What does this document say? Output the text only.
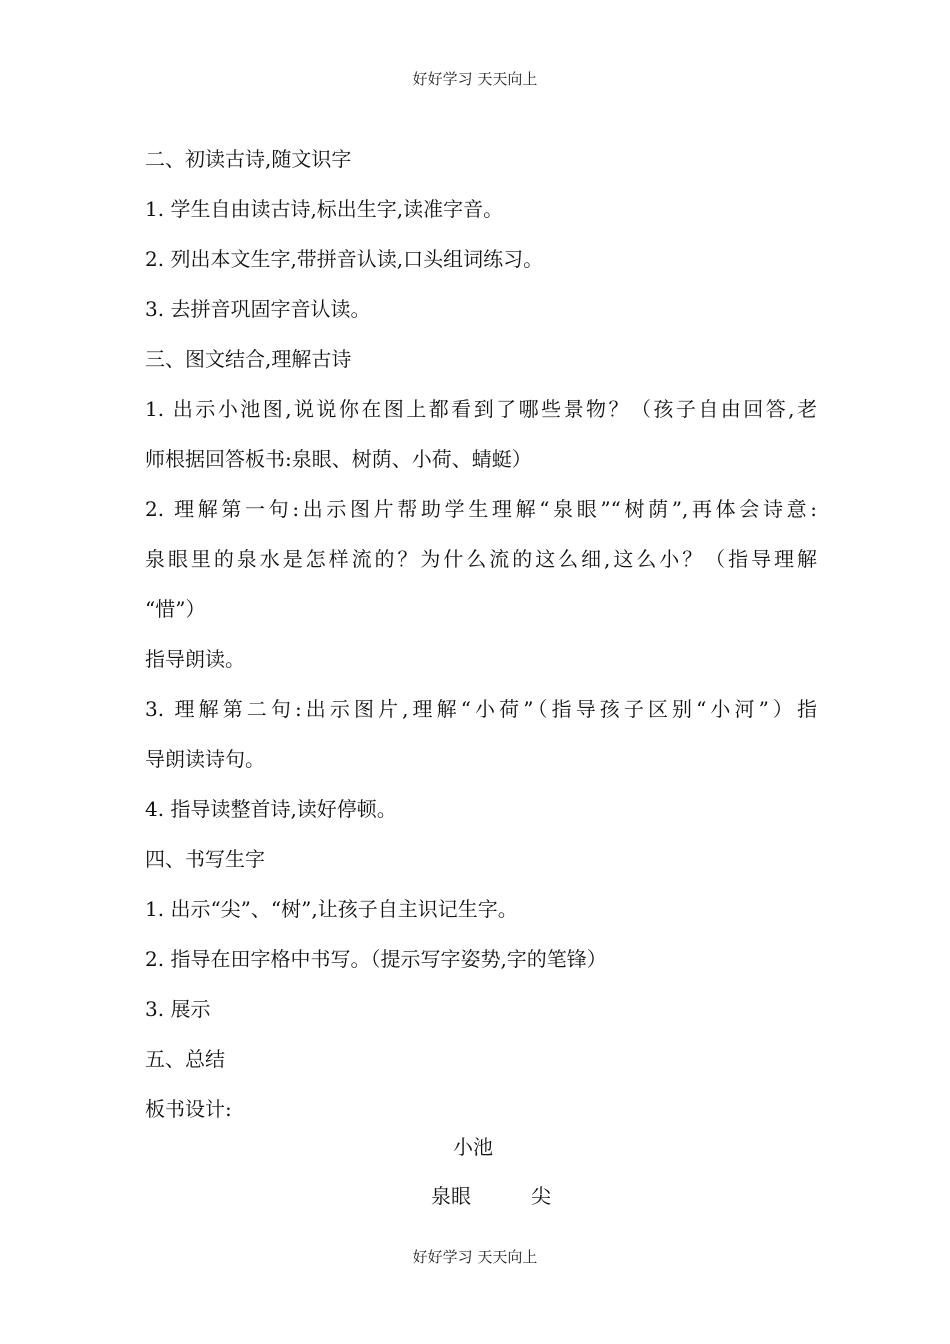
好好学习 天天向上
二、初读古诗,随文识字
1. 学生自由读古诗,标出生字,读准字音。
2. 列出本文生字,带拼音认读,口头组词练习。
3. 去拼音巩固字音认读。
三、图文结合,理解古诗
1. 出示小池图,说说你在图上都看到了哪些景物？（孩子自由回答,老
师根据回答板书:泉眼、树荫、小荷、蜻蜓）
2. 理解第一句:出示图片帮助学生理解“泉眼”“树荫”,再体会诗意:
泉眼里的泉水是怎样流的？为什么流的这么细,这么小？（指导理解
“惜”）
指导朗读。
3. 理解第二句:出示图片,理解“小荷”（指导孩子区别“小河”）指
导朗读诗句。
4. 指导读整首诗,读好停顿。
四、书写生字
1. 出示“尖”、“树”,让孩子自主识记生字。
2. 指导在田字格中书写。（提示写字姿势,字的笔锋）
3. 展示
五、总结
板书设计:
小池
泉眼	尖
好好学习 天天向上
